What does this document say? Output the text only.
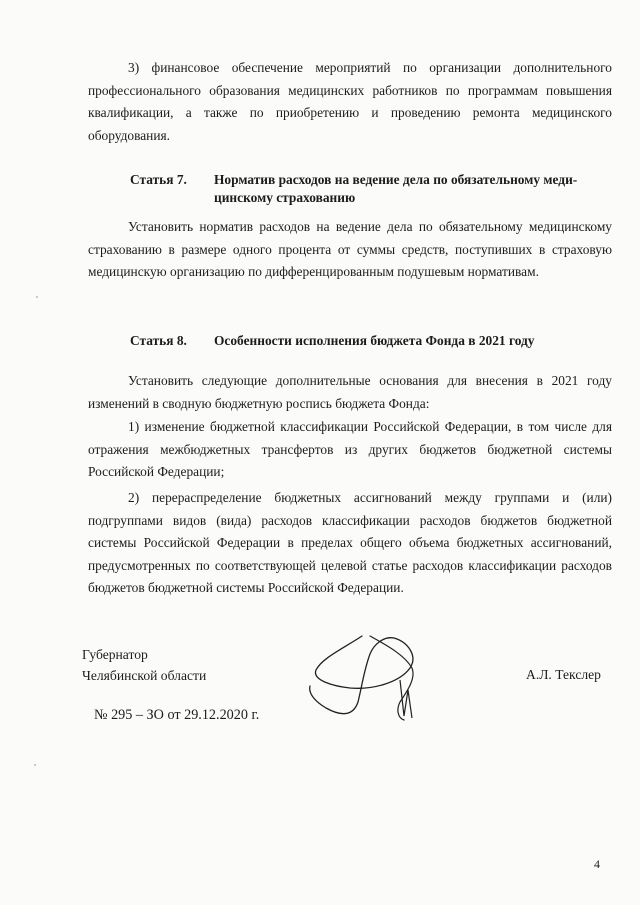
3) финансовое обеспечение мероприятий по организации дополнительного профессионального образования медицинских работников по программам повышения квалификации, а также по приобретению и проведению ремонта медицинского оборудования.

Статья 7. Норматив расходов на ведение дела по обязательному меди-
цинскому страхованию

Установить норматив расходов на ведение дела по обязательному медицинскому страхованию в размере одного процента от суммы средств, поступивших в страховую медицинскую организацию по дифференцированным подушевым нормативам.

Статья 8. Особенности исполнения бюджета Фонда в 2021 году

Установить следующие дополнительные основания для внесения в 2021 году изменений в сводную бюджетную роспись бюджета Фонда:

1) изменение бюджетной классификации Российской Федерации, в том числе для отражения межбюджетных трансфертов из других бюджетов бюджетной системы Российской Федерации;

2) перераспределение бюджетных ассигнований между группами и (или) подгруппами видов (вида) расходов классификации расходов бюджетов бюджетной системы Российской Федерации в пределах общего объема бюджетных ассигнований, предусмотренных по соответствующей целевой статье расходов классификации расходов бюджетов бюджетной системы Российской Федерации.

Губернатор
Челябинской области	А.Л. Текслер
№ 295 – ЗО от 29.12.2020 г.
4
